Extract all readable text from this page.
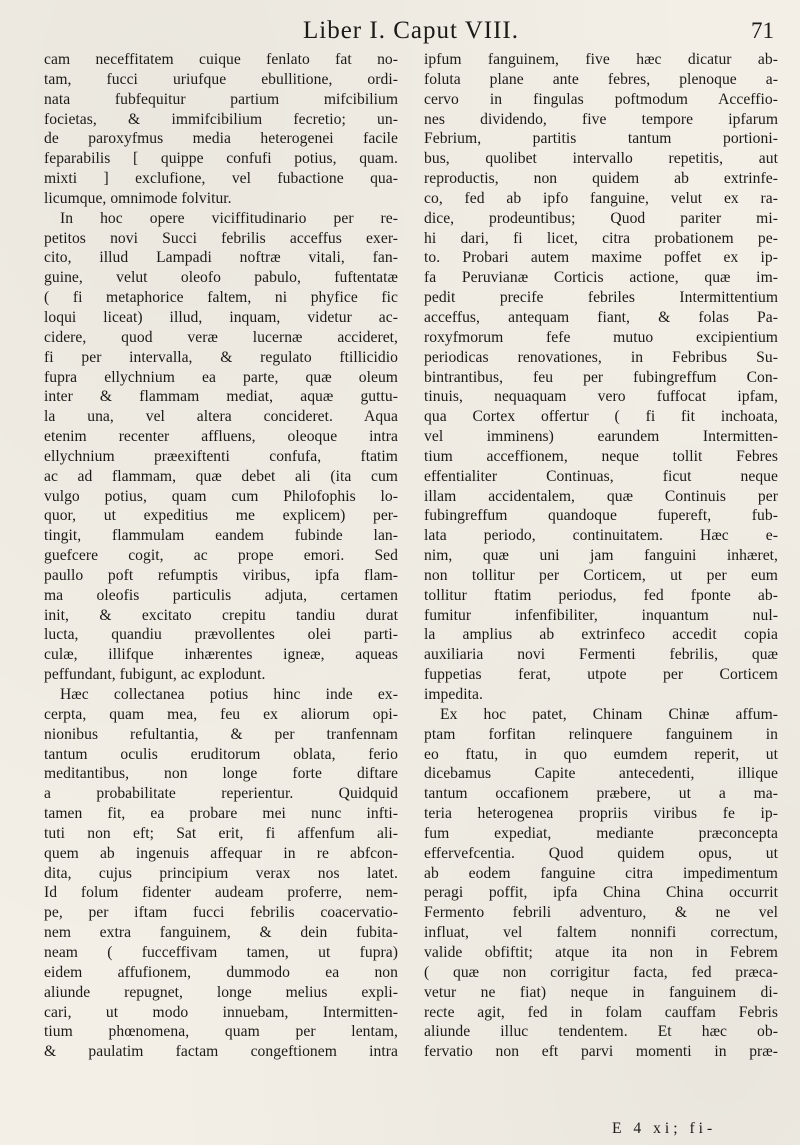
Liber I. Caput VIII.	71
cam neceffitatem cuique fenlato fat no-
tam, fucci uriufque ebullitione, ordi-
nata fubfequitur partium mifcibilium
focietas, & immifcibilium fecretio; un-
de paroxyfmus media heterogenei facile
feparabilis [ quippe confufi potius, quam.
mixti ] exclufione, vel fubactione qua-
licumque, omnimode folvitur.
In hoc opere viciffitudinario per re-
petitos novi Succi febrilis acceffus exer-
cito, illud Lampadi noftræ vitali, fan-
guine, velut oleofo pabulo, fuftentatæ
( fi metaphorice faltem, ni phyfice fic
loqui liceat) illud, inquam, videtur ac-
cidere, quod veræ lucernæ accideret,
fi per intervalla, & regulato ftillicidio
fupra ellychnium ea parte, quæ oleum
inter & flammam mediat, aquæ guttu-
la una, vel altera concideret. Aqua
etenim recenter affluens, oleoque intra
ellychnium præexiftenti confufa, ftatim
ac ad flammam, quæ debet ali (ita cum
vulgo potius, quam cum Philofophis lo-
quor, ut expeditius me explicem) per-
tingit, flammulam eandem fubinde lan-
guefcere cogit, ac prope emori. Sed
paullo poft refumptis viribus, ipfa flam-
ma oleofis particulis adjuta, certamen
init, & excitato crepitu tandiu durat
lucta, quandiu prævollentes olei parti-
culæ, illifque inhærentes igneæ, aqueas
peffundant, fubigunt, ac explodunt.
Hæc collectanea potius hinc inde ex-
cerpta, quam mea, feu ex aliorum opi-
nionibus refultantia, & per tranfennam
tantum oculis eruditorum oblata, ferio
meditantibus, non longe forte diftare
a probabilitate reperientur. Quidquid
tamen fit, ea probare mei nunc infti-
tuti non eft; Sat erit, fi affenfum ali-
quem ab ingenuis affequar in re abfcon-
dita, cujus principium verax nos latet.
Id folum fidenter audeam proferre, nem-
pe, per iftam fucci febrilis coacervatio-
nem extra fanguinem, & dein fubita-
neam ( fucceffivam tamen, ut fupra)
eidem affufionem, dummodo ea non
aliunde repugnet, longe melius expli-
cari, ut modo innuebam, Intermitten-
tium phœnomena, quam per lentam,
& paulatim factam congeftionem intra
ipfum fanguinem, five hæc dicatur ab-
foluta plane ante febres, plenoque a-
cervo in fingulas poftmodum Acceffio-
nes dividendo, five tempore ipfarum
Febrium, partitis tantum portioni-
bus, quolibet intervallo repetitis, aut
reproductis, non quidem ab extrinfe-
co, fed ab ipfo fanguine, velut ex ra-
dice, prodeuntibus; Quod pariter mi-
hi dari, fi licet, citra probationem pe-
to. Probari autem maxime poffet ex ip-
fa Peruvianæ Corticis actione, quæ im-
pedit precife febriles Intermittentium
acceffus, antequam fiant, & folas Pa-
roxyfmorum fefe mutuo excipientium
periodicas renovationes, in Febribus Su-
bintrantibus, feu per fubingreffum Con-
tinuis, nequaquam vero fuffocat ipfam,
qua Cortex offertur ( fi fit inchoata,
vel imminens) earundem Intermitten-
tium acceffionem, neque tollit Febres
effentialiter Continuas, ficut neque
illam accidentalem, quæ Continuis per
fubingreffum quandoque fupereft, fub-
lata periodo, continuitatem. Hæc e-
nim, quæ uni jam fanguini inhæret,
non tollitur per Corticem, ut per eum
tollitur ftatim periodus, fed fponte ab-
fumitur infenfibiliter, inquantum nul-
la amplius ab extrinfeco accedit copia
auxiliaria novi Fermenti febrilis, quæ
fuppetias ferat, utpote per Corticem
impedita.
Ex hoc patet, Chinam Chinæ affum-
ptam forfitan relinquere fanguinem in
eo ftatu, in quo eumdem reperit, ut
dicebamus Capite antecedenti, illique
tantum occafionem præbere, ut a ma-
teria heterogenea propriis viribus fe ip-
fum expediat, mediante præconcepta
effervefcentia. Quod quidem opus, ut
ab eodem fanguine citra impedimentum
peragi poffit, ipfa China China occurrit
Fermento febrili adventuro, & ne vel
influat, vel faltem nonnifi correctum,
valide obfiftit; atque ita non in Febrem
( quæ non corrigitur facta, fed præca-
vetur ne fiat) neque in fanguinem di-
recte agit, fed in folam cauffam Febris
aliunde illuc tendentem. Et hæc ob-
fervatio non eft parvi momenti in præ-
E 4 xi; fi-
